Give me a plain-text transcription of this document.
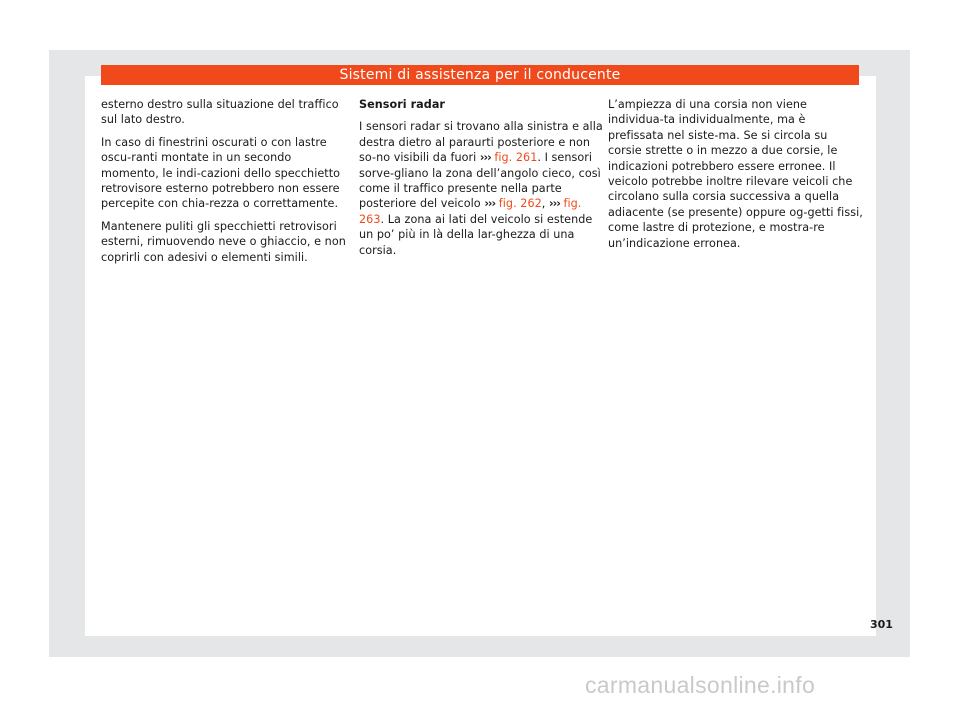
Sistemi di assistenza per il conducente

esterno destro sulla situazione del traffico sul lato destro.

In caso di finestrini oscurati o con lastre oscu-ranti montate in un secondo momento, le indi-cazioni dello specchietto retrovisore esterno potrebbero non essere percepite con chia-rezza o correttamente.

Mantenere puliti gli specchietti retrovisori esterni, rimuovendo neve o ghiaccio, e non coprirli con adesivi o elementi simili.

Sensori radar

I sensori radar si trovano alla sinistra e alla destra dietro al paraurti posteriore e non so-no visibili da fuori ››› fig. 261. I sensori sorve-gliano la zona dell’angolo cieco, così come il traffico presente nella parte posteriore del veicolo ››› fig. 262, ››› fig. 263. La zona ai lati del veicolo si estende un po’ più in là della lar-ghezza di una corsia.

L’ampiezza di una corsia non viene individua-ta individualmente, ma è prefissata nel siste-ma. Se si circola su corsie strette o in mezzo a due corsie, le indicazioni potrebbero essere erronee. Il veicolo potrebbe inoltre rilevare veicoli che circolano sulla corsia successiva a quella adiacente (se presente) oppure og-getti fissi, come lastre di protezione, e mostra-re un’indicazione erronea.

301
carmanualsonline.info
